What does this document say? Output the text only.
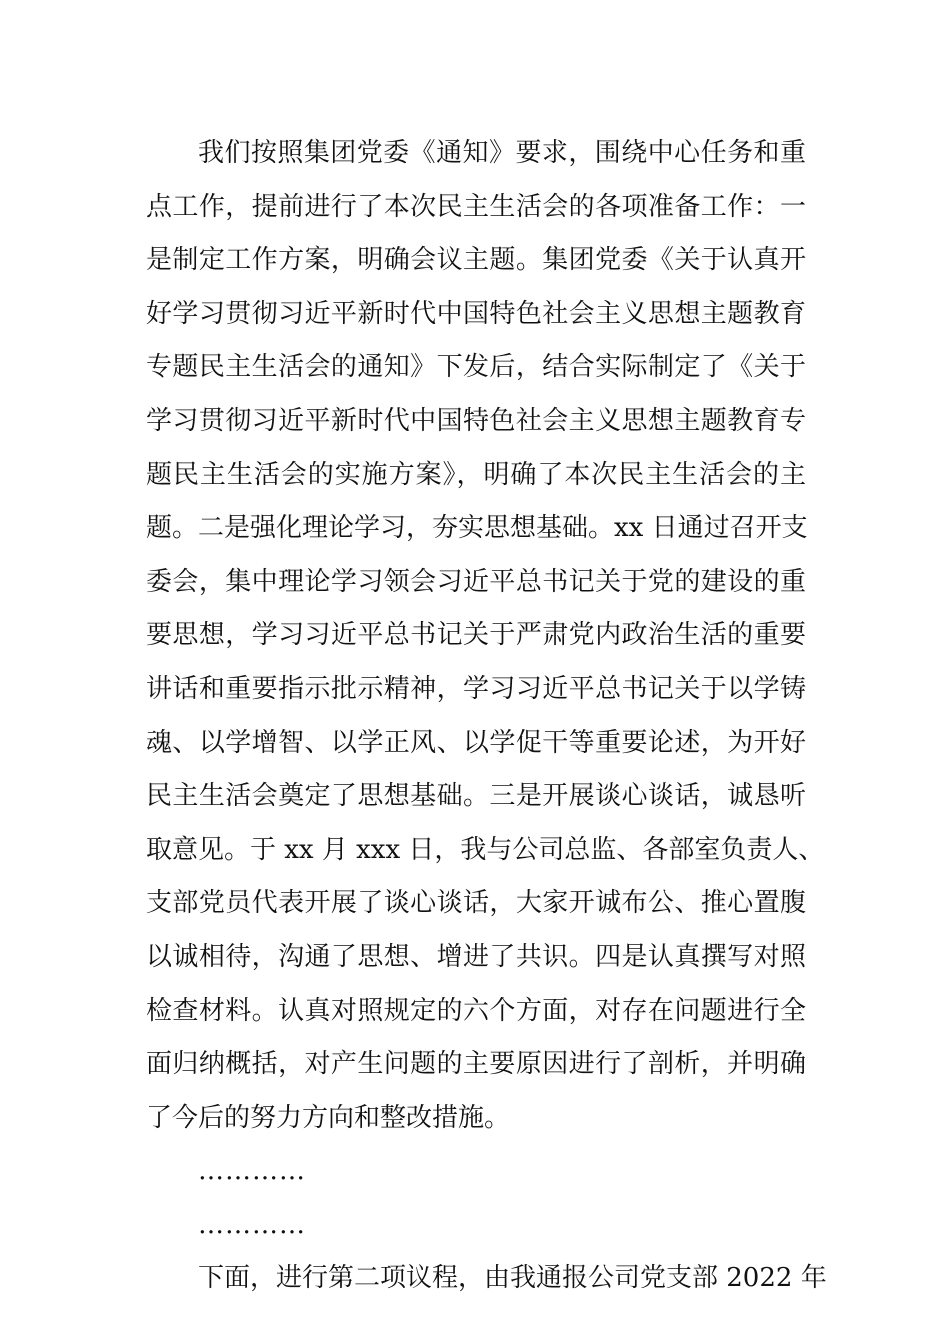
我们按照集团党委《通知》要求，围绕中心任务和重
点工作，提前进行了本次民主生活会的各项准备工作：一
是制定工作方案，明确会议主题。集团党委《关于认真开
好学习贯彻习近平新时代中国特色社会主义思想主题教育
专题民主生活会的通知》下发后，结合实际制定了《关于
学习贯彻习近平新时代中国特色社会主义思想主题教育专
题民主生活会的实施方案》，明确了本次民主生活会的主
题。二是强化理论学习，夯实思想基础。xx 日通过召开支
委会，集中理论学习领会习近平总书记关于党的建设的重
要思想，学习习近平总书记关于严肃党内政治生活的重要
讲话和重要指示批示精神，学习习近平总书记关于以学铸
魂、以学增智、以学正风、以学促干等重要论述，为开好
民主生活会奠定了思想基础。三是开展谈心谈话，诚恳听
取意见。于 xx 月 xxx 日，我与公司总监、各部室负责人、
支部党员代表开展了谈心谈话，大家开诚布公、推心置腹
以诚相待，沟通了思想、增进了共识。四是认真撰写对照
检查材料。认真对照规定的六个方面，对存在问题进行全
面归纳概括，对产生问题的主要原因进行了剖析，并明确
了今后的努力方向和整改措施。
…………
…………
下面，进行第二项议程，由我通报公司党支部 2022 年
